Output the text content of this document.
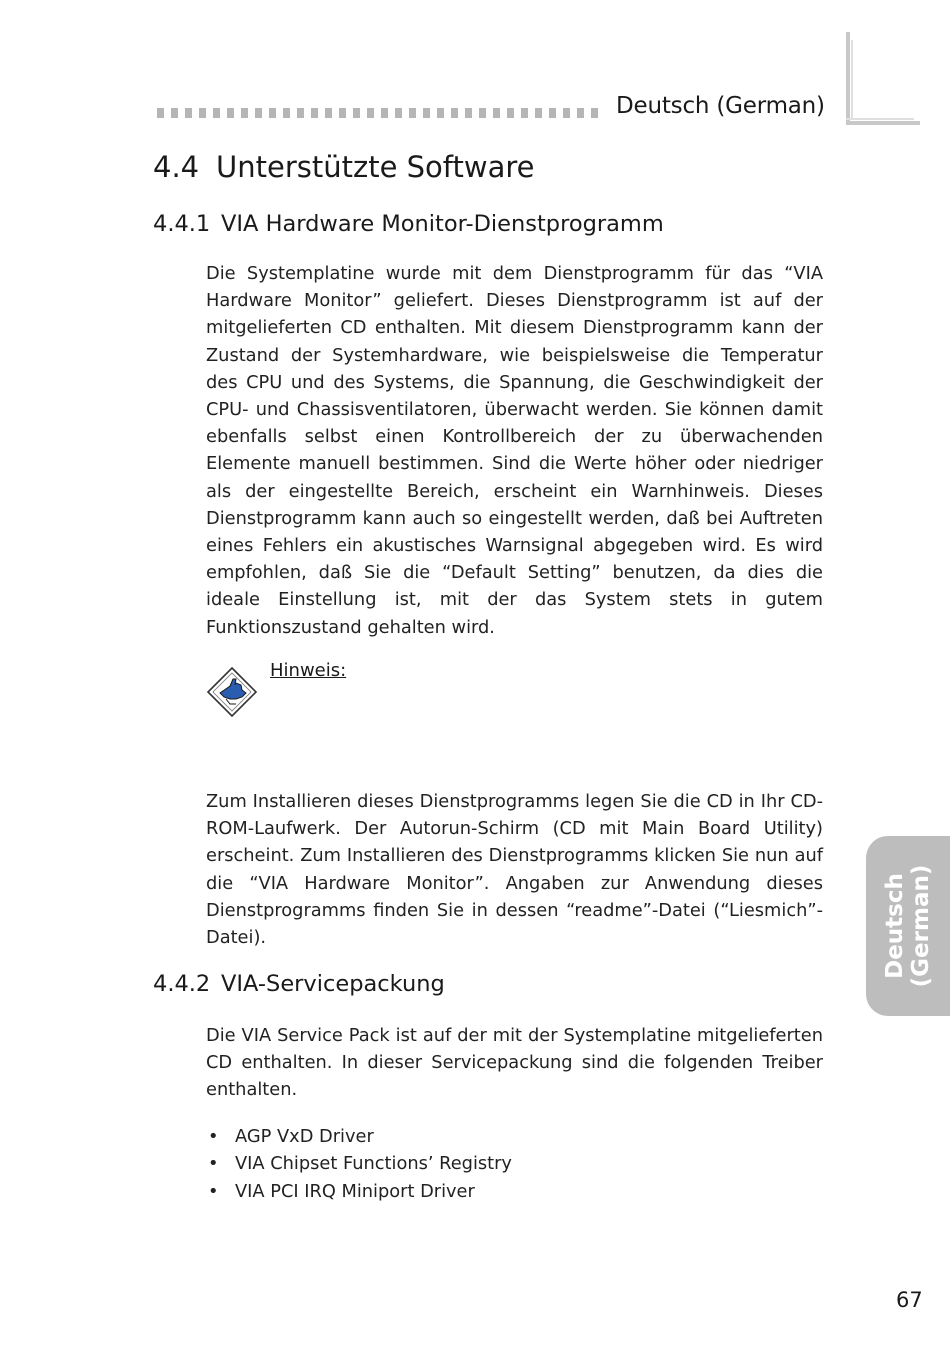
Deutsch (German)
4.4 Unterstützte Software
4.4.1 VIA Hardware Monitor-Dienstprogramm
Die Systemplatine wurde mit dem Dienstprogramm für das “VIA Hardware Monitor” geliefert. Dieses Dienstprogramm ist auf der mitgelieferten CD enthalten. Mit diesem Dienstprogramm kann der Zustand der Systemhardware, wie beispielsweise die Temperatur des CPU und des Systems, die Spannung, die Geschwindigkeit der CPU- und Chassisventilatoren, überwacht werden. Sie können damit ebenfalls selbst einen Kontrollbereich der zu überwachenden Elemente manuell bestimmen. Sind die Werte höher oder niedriger als der eingestellte Bereich, erscheint ein Warnhinweis. Dieses Dienstprogramm kann auch so eingestellt werden, daß bei Auftreten eines Fehlers ein akustisches Warnsignal abgegeben wird. Es wird empfohlen, daß Sie die “Default Setting” benutzen, da dies die ideale Einstellung ist, mit der das System stets in gutem Funktionszustand gehalten wird.
Hinweis:
Zum Installieren dieses Dienstprogramms legen Sie die CD in Ihr CD-ROM-Laufwerk. Der Autorun-Schirm (CD mit Main Board Utility) erscheint. Zum Installieren des Dienstprogramms klicken Sie nun auf die “VIA Hardware Monitor”. Angaben zur Anwendung dieses Dienstprogramms finden Sie in dessen “readme”-Datei (“Liesmich”-Datei).
4.4.2 VIA-Servicepackung
Die VIA Service Pack ist auf der mit der Systemplatine mitgelieferten CD enthalten. In dieser Servicepackung sind die folgenden Treiber enthalten.
• AGP VxD Driver
• VIA Chipset Functions’ Registry
• VIA PCI IRQ Miniport Driver
Deutsch (German)
67
